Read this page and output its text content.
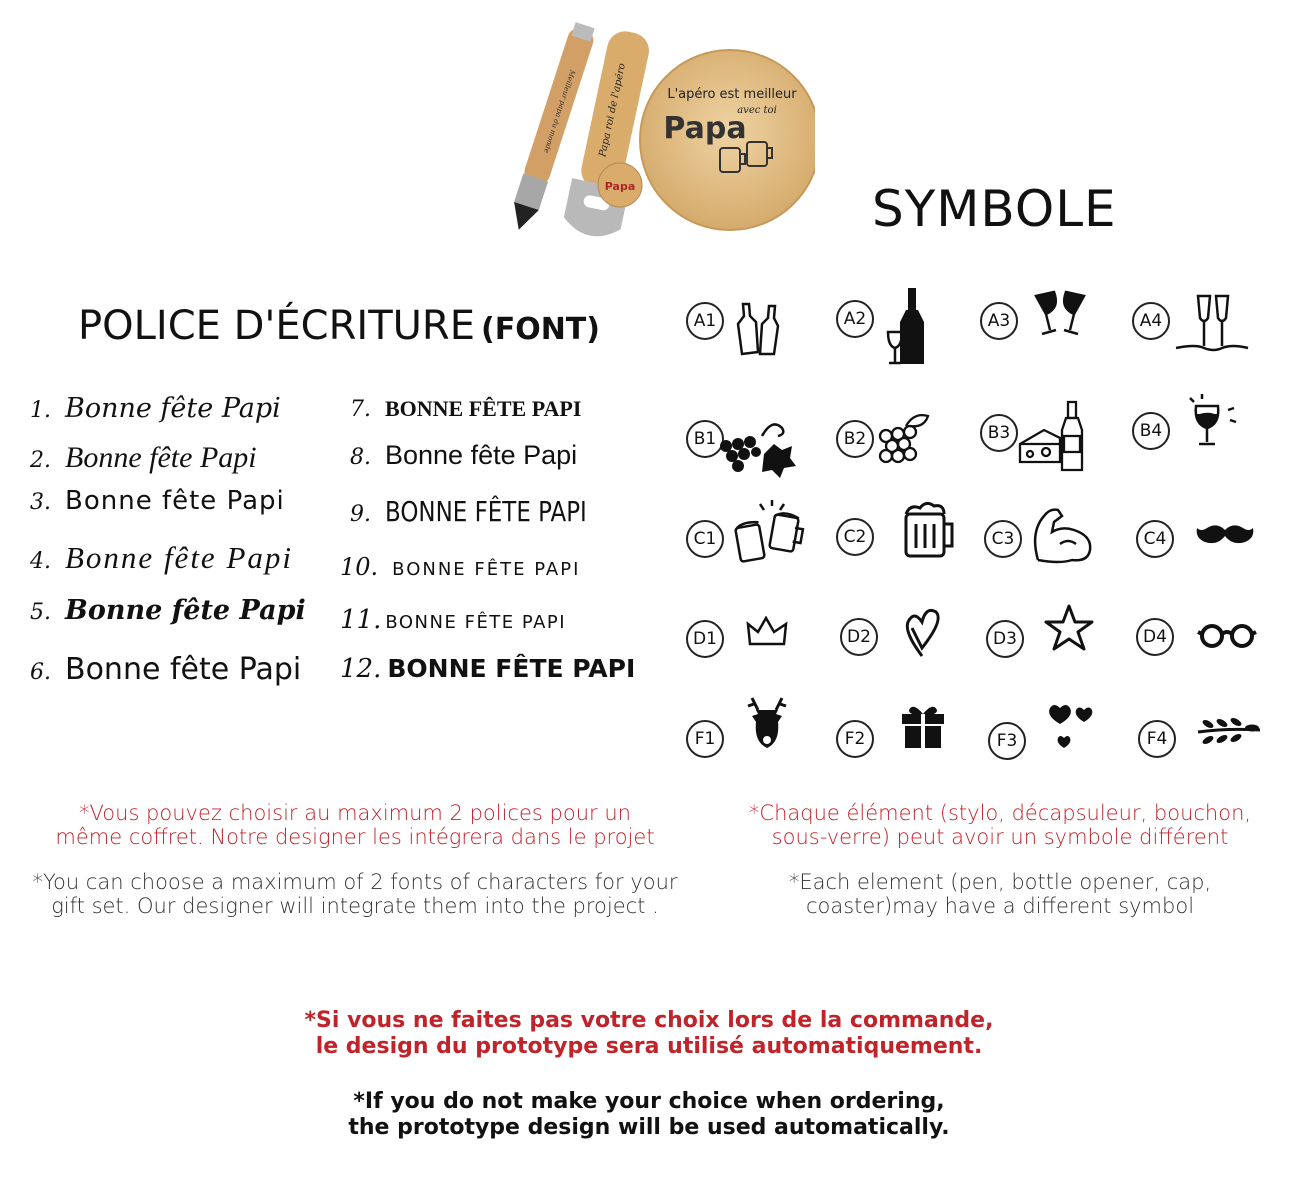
Meilleur papa du monde Papa roi de l'apéro
Papa
L'apéro est meilleur
avec toi
Papa
SYMBOLE
POLICE D'ÉCRITURE (FONT)
1. Bonne fête Papi
2. Bonne fête Papi
3. Bonne fête Papi
4. Bonne fête Papi
5. Bonne fête Papi
6. Bonne fête Papi
7. BONNE FÊTE PAPI
8. Bonne fête Papi
9. BONNE FÊTE PAPI
10. BONNE FÊTE PAPI
11. BONNE FÊTE PAPI
12. BONNE FÊTE PAPI
A1	A2	A3	A4
B1	B2	B3	B4
C1	C2	C3	C4
D1	D2	D3	D4
F1	F2	F3	F4
*Vous pouvez choisir au maximum 2 polices pour un
même coffret. Notre designer les intégrera dans le projet
*You can choose a maximum of 2 fonts of characters for your
gift set. Our designer will integrate them into the project .
*Chaque élément (stylo, décapsuleur, bouchon,
sous-verre) peut avoir un symbole différent
*Each element (pen, bottle opener, cap,
coaster)may have a different symbol
*Si vous ne faites pas votre choix lors de la commande,
le design du prototype sera utilisé automatiquement.
*If you do not make your choice when ordering,
the prototype design will be used automatically.
